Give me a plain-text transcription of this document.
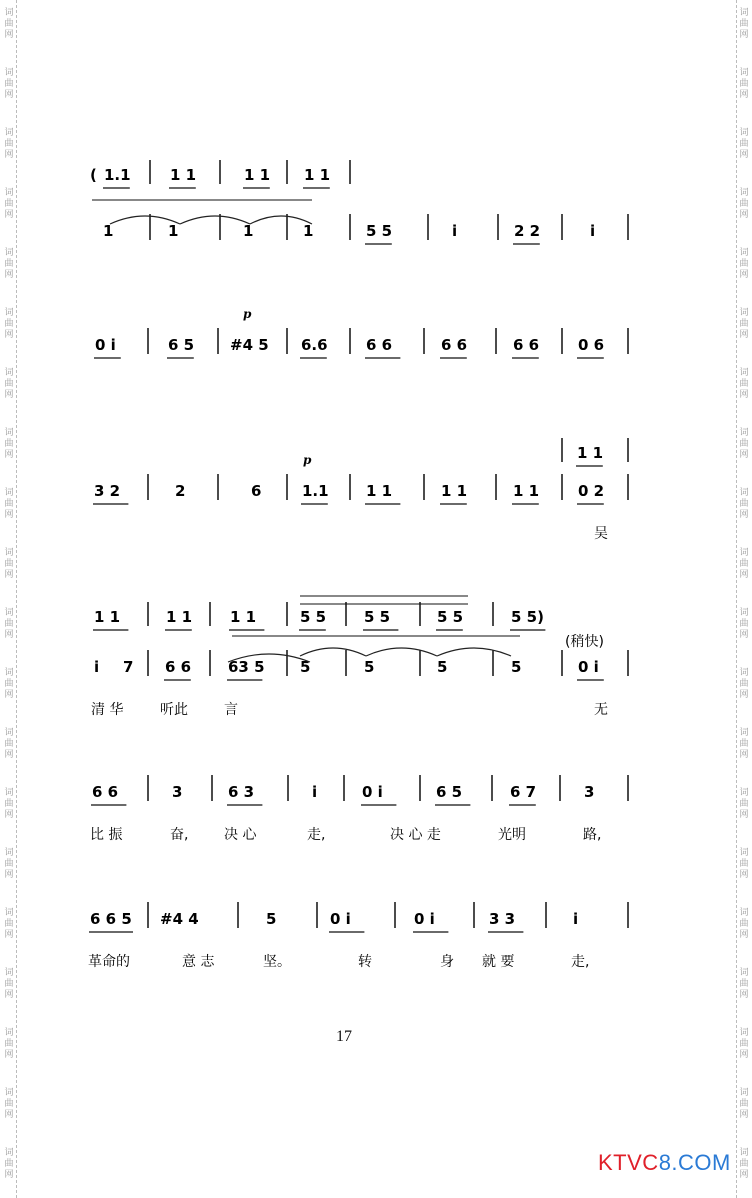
词
曲
网
词
曲
网
词
曲
网
词
曲
网
词
曲
网
词
曲
网
词
曲
网
词
曲
网
词
曲
网
词
曲
网
词
曲
网
词
曲
网
词
曲
网
词
曲
网
词
曲
网
词
曲
网
词
曲
网
词
曲
网
词
曲
网
词
曲
网
词
曲
网
词
曲
网
词
曲
网
词
曲
网
词
曲
网
词
曲
网
词
曲
网
词
曲
网
词
曲
网
词
曲
网
词
曲
网
词
曲
网
词
曲
网
词
曲
网
词
曲
网
词
曲
网
词
曲
网
词
曲
网
词
曲
网
词
曲
网
1	1	1	1	5 5	i	2 2	i
( 1.1	1 1	1 1 1 1
0 i	6 5 #4 5 6.6	6 6	6 6	6 6	0 6
p
3 2	2	6	1.1 1 1	1 1	1 1	0 2
1 1
p
吴
i 7 6 6 63 5 5	5	5	5	0 i
1 1	1 1	1 1	5 5	5 5	5 5	5 5)
清 华	听此	言	无
(稍快)
6 6	3	6 3	i	0 i	6 5	6 7	3
比 振	奋,	决 心	走,	决 心 走	光明	路,
6 6 5 #4 4	5	0 i	0 i	3 3	i
革命的	意 志	坚。	转	身 就 要	走,
17
KTVC8.COM
